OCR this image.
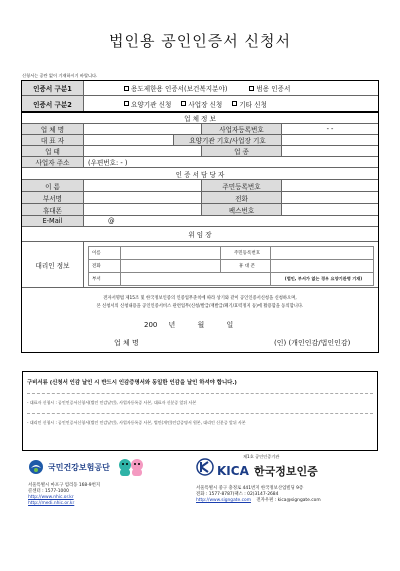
법인용 공인인증서 신청서
신청서는 공란 없이 기재하시기 바랍니다.
인증서 구분1	용도제한용 인증서(보건복지분야)	범용 인증서
인증서 구분2	요양기관 신청	사업장 신청	기타 신청
업 체 정 보
업 체 명	사업자등록번호	- -
대 표 자	요양기관 기호/사업장 기호
업 태	업 종
사업자 주소	(우편번호: - )
인 증 서 담 당 자
이 름	주민등록번호
부서명	전화
휴대폰	팩스번호
E-Mail	@
위 임 장
대리인 정보
이름		주민등록번호	
전화		휴 대 폰	
부서			(법인, 부서가 없는 경우 요양기관명 기재)
전자서명법 제15조 및 한국정보인증의 인증업무준칙에 따라 상기와 같이 공인인증서신청을 신청하오며,
본 신청서의 신청내용을 공인인증서비스 관련업무(신청/발급/재발급/폐기/효력정지 등)에 활용함을 동의합니다.
200     년          월          일
업 체 명	(인) (개인인감/법인인감)
구비서류 (신청서 인감 날인 시 반드시 인감증명서와 동일한 인감을 날인 하셔야 합니다.)
- 대표자 신청시 : 공인인증서신청서(법인 인감날인), 사업자등록증 사본, 대표자 신분증 앞뒤 사본
- 대리인 신청시 : 공인인증서신청서(법인 인감날인), 사업자등록증 사본, 법인(개인)인감증명서 원본, 대리인 신분증 앞뒤 사본
국민건강보험공단
서울특별시 마포구 염리동 168-9번지
콜센터 : 1577-1000
http://www.nhic.or.kr
http://medi.nhic.or.kr
제1호 공인인증기관
KICA 한국정보인증
서울특별시 중구 충정로 441번지 한국정보산업빌딩 9층
전화 : 1577-8787(팩스 : 02)3147-2684
http://www.signgate.com 전자우편 : kica@signgate.com
